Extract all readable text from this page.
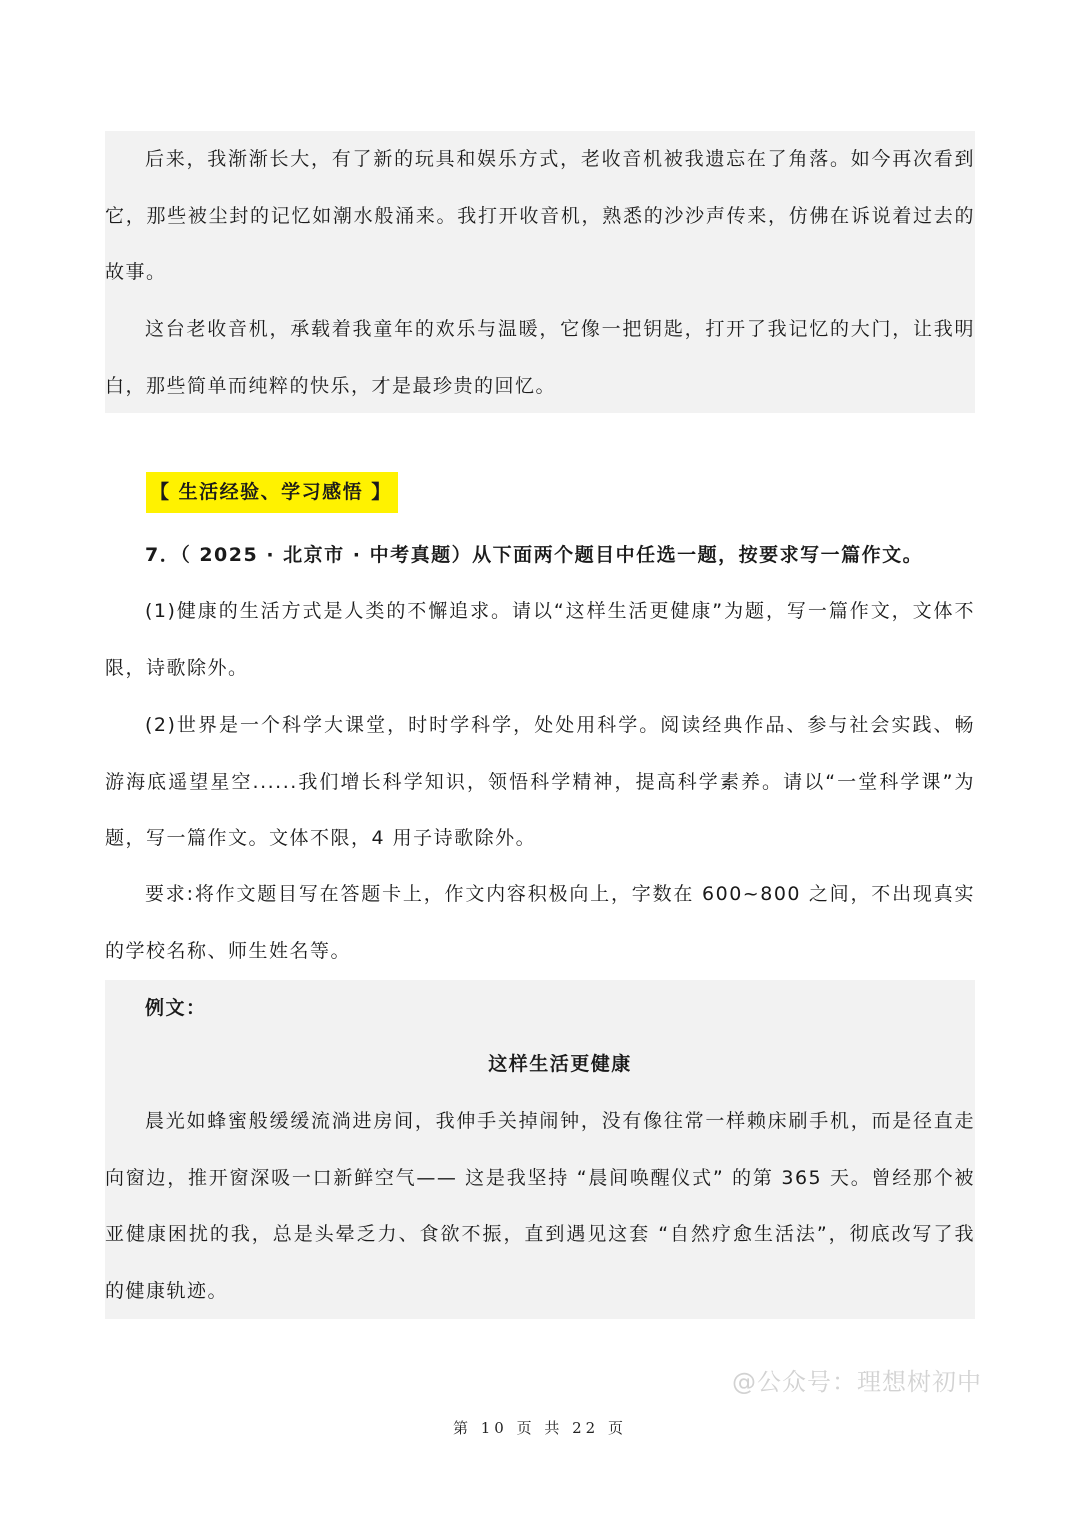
后来，我渐渐长大，有了新的玩具和娱乐方式，老收音机被我遗忘在了角落。如今再次看到它，那些被尘封的记忆如潮水般涌来。我打开收音机，熟悉的沙沙声传来，仿佛在诉说着过去的故事。

这台老收音机，承载着我童年的欢乐与温暖，它像一把钥匙，打开了我记忆的大门，让我明白，那些简单而纯粹的快乐，才是最珍贵的回忆。

【 生活经验、学习感悟 】

7．（ 2025 · 北京市 · 中考真题）从下面两个题目中任选一题，按要求写一篇作文。

(1)健康的生活方式是人类的不懈追求。请以“这样生活更健康”为题，写一篇作文，文体不限，诗歌除外。

(2)世界是一个科学大课堂，时时学科学，处处用科学。阅读经典作品、参与社会实践、畅游海底遥望星空......我们增长科学知识，领悟科学精神，提高科学素养。请以“一堂科学课”为题，写一篇作文。文体不限，4 用子诗歌除外。

要求:将作文题目写在答题卡上，作文内容积极向上，字数在 600~800 之间，不出现真实的学校名称、师生姓名等。

例文：

这样生活更健康

晨光如蜂蜜般缓缓流淌进房间，我伸手关掉闹钟，没有像往常一样赖床刷手机，而是径直走向窗边，推开窗深吸一口新鲜空气—— 这是我坚持 “晨间唤醒仪式” 的第 365 天。曾经那个被亚健康困扰的我，总是头晕乏力、食欲不振，直到遇见这套 “自然疗愈生活法”，彻底改写了我的健康轨迹。

@公众号：理想树初中
第 10 页 共 22 页
